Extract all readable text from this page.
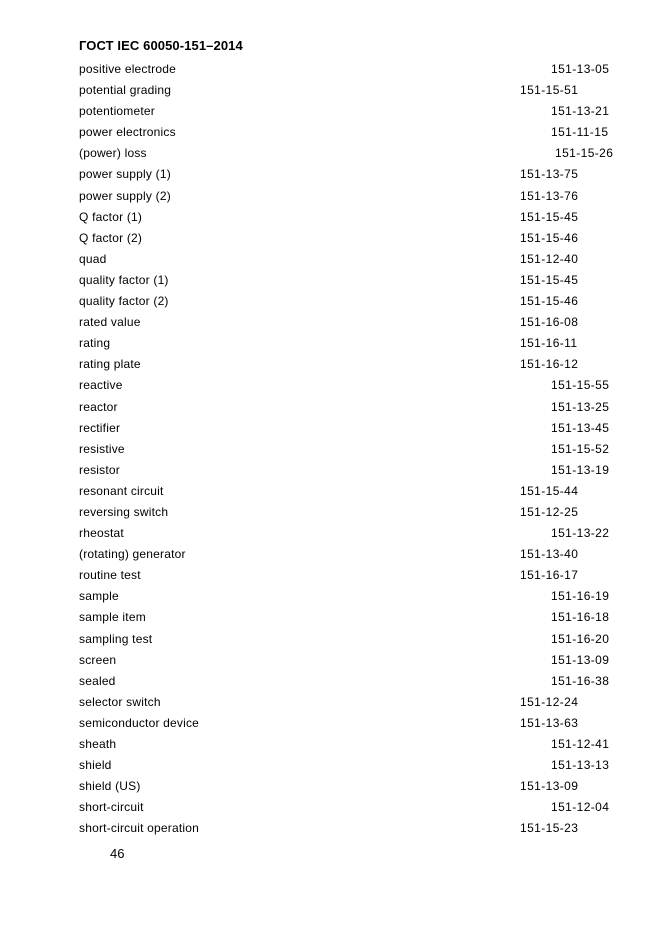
ГОСТ IEC 60050-151–2014
positive electrode	151-13-05
potential grading	151-15-51
potentiometer	151-13-21
power electronics	151-11-15
(power) loss	151-15-26
power supply (1)	151-13-75
power supply (2)	151-13-76
Q factor (1)	151-15-45
Q factor (2)	151-15-46
quad	151-12-40
quality factor (1)	151-15-45
quality factor (2)	151-15-46
rated value	151-16-08
rating	151-16-11
rating plate	151-16-12
reactive	151-15-55
reactor	151-13-25
rectifier	151-13-45
resistive	151-15-52
resistor	151-13-19
resonant circuit	151-15-44
reversing switch	151-12-25
rheostat	151-13-22
(rotating) generator	151-13-40
routine test	151-16-17
sample	151-16-19
sample item	151-16-18
sampling test	151-16-20
screen	151-13-09
sealed	151-16-38
selector switch	151-12-24
semiconductor device	151-13-63
sheath	151-12-41
shield	151-13-13
shield (US)	151-13-09
short-circuit	151-12-04
short-circuit operation	151-15-23
46
